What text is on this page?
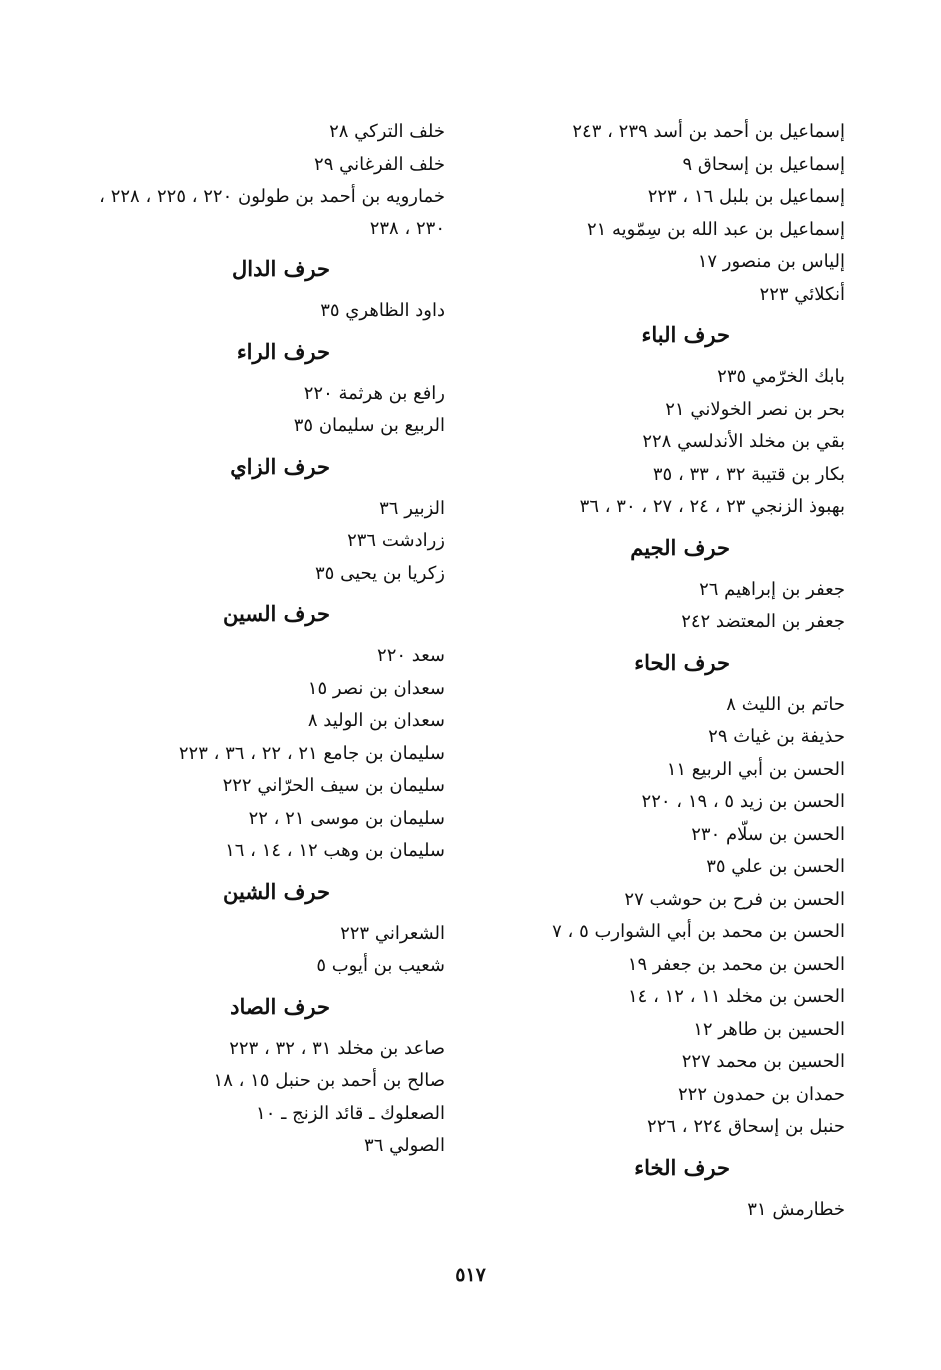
إسماعيل بن أحمد بن أسد ٢٣٩ ، ٢٤٣
إسماعيل بن إسحاق ٩
إسماعيل بن بلبل ١٦ ، ٢٢٣
إسماعيل بن عبد الله بن سِمّويه ٢١
إلياس بن منصور ١٧
أنكلائي ٢٢٣
حرف الباء
بابك الخرّمي ٢٣٥
بحر بن نصر الخولاني ٢١
بقي بن مخلد الأندلسي ٢٢٨
بكار بن قتيبة ٣٢ ، ٣٣ ، ٣٥
بهبوذ الزنجي ٢٣ ، ٢٤ ، ٢٧ ، ٣٠ ، ٣٦
حرف الجيم
جعفر بن إبراهيم ٢٦
جعفر بن المعتضد ٢٤٢
حرف الحاء
حاتم بن الليث ٨
حذيفة بن غياث ٢٩
الحسن بن أبي الربيع ١١
الحسن بن زيد ٥ ، ١٩ ، ٢٢٠
الحسن بن سلّام ٢٣٠
الحسن بن علي ٣٥
الحسن بن فرح بن حوشب ٢٧
الحسن بن محمد بن أبي الشوارب ٥ ، ٧
الحسن بن محمد بن جعفر ١٩
الحسن بن مخلد ١١ ، ١٢ ، ١٤
الحسين بن طاهر ١٢
الحسين بن محمد ٢٢٧
حمدان بن حمدون ٢٢٢
حنبل بن إسحاق ٢٢٤ ، ٢٢٦
حرف الخاء
خطارمش ٣١
خلف التركي ٢٨
خلف الفرغاني ٢٩
خمارويه بن أحمد بن طولون ٢٢٠ ، ٢٢٥ ، ٢٢٨ ، ٢٣٠ ، ٢٣٨
حرف الدال
داود الظاهري ٣٥
حرف الراء
رافع بن هرثمة ٢٢٠
الربيع بن سليمان ٣٥
حرف الزاي
الزبير ٣٦
زرادشت ٢٣٦
زكريا بن يحيى ٣٥
حرف السين
سعد ٢٢٠
سعدان بن نصر ١٥
سعدان بن الوليد ٨
سليمان بن جامع ٢١ ، ٢٢ ، ٣٦ ، ٢٢٣
سليمان بن سيف الحرّاني ٢٢٢
سليمان بن موسى ٢١ ، ٢٢
سليمان بن وهب ١٢ ، ١٤ ، ١٦
حرف الشين
الشعراني ٢٢٣
شعيب بن أيوب ٥
حرف الصاد
صاعد بن مخلد ٣١ ، ٣٢ ، ٢٢٣
صالح بن أحمد بن حنبل ١٥ ، ١٨
الصعلوك ـ قائد الزنج ـ ١٠
الصولي ٣٦
٥١٧
